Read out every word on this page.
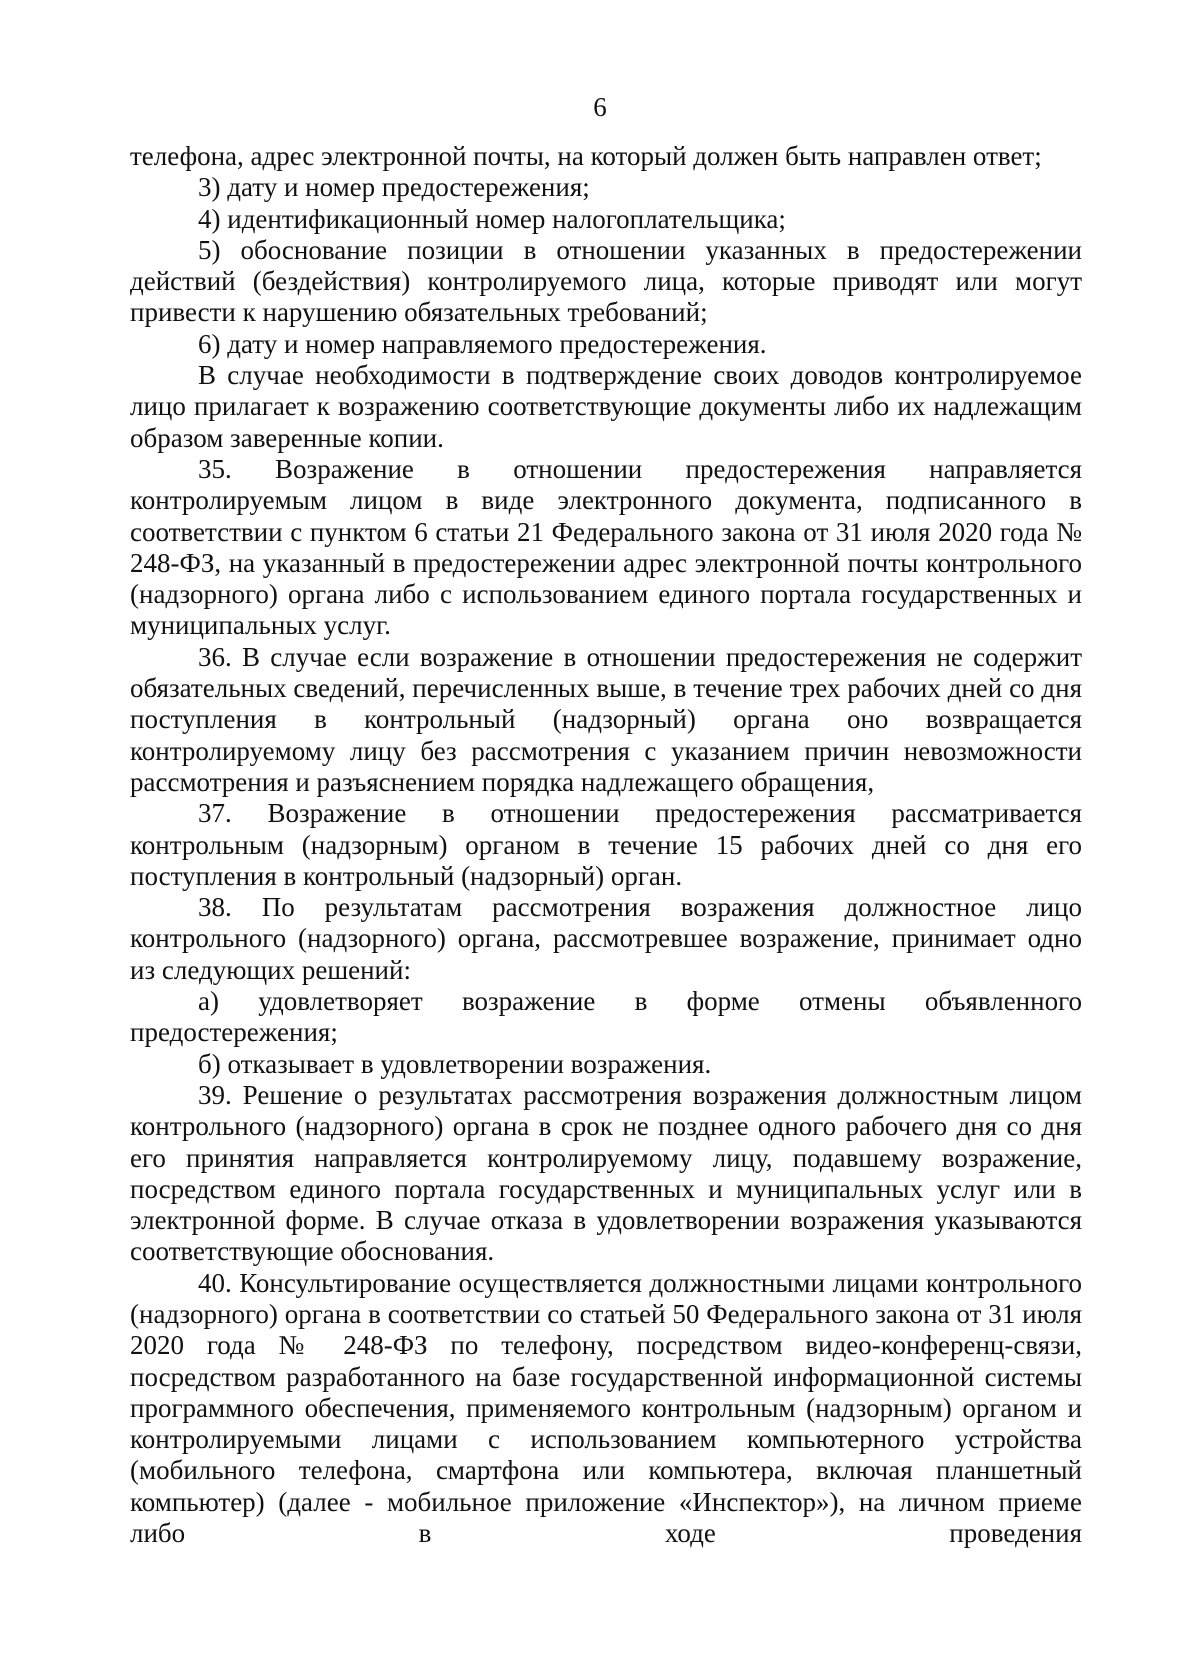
6

телефона, адрес электронной почты, на который должен быть направлен ответ;

3) дату и номер предостережения;

4) идентификационный номер налогоплательщика;

5) обоснование позиции в отношении указанных в предостережении действий (бездействия) контролируемого лица, которые приводят или могут привести к нарушению обязательных требований;

6) дату и номер направляемого предостережения.

В случае необходимости в подтверждение своих доводов контролируемое лицо прилагает к возражению соответствующие документы либо их надлежащим образом заверенные копии.

35. Возражение в отношении предостережения направляется контролируемым лицом в виде электронного документа, подписанного в соответствии с пунктом 6 статьи 21 Федерального закона от 31 июля 2020 года № 248-ФЗ, на указанный в предостережении адрес электронной почты контрольного (надзорного) органа либо с использованием единого портала государственных и муниципальных услуг.

36. В случае если возражение в отношении предостережения не содержит обязательных сведений, перечисленных выше, в течение трех рабочих дней со дня поступления в контрольный (надзорный) органа оно возвращается контролируемому лицу без рассмотрения с указанием причин невозможности рассмотрения и разъяснением порядка надлежащего обращения,

37. Возражение в отношении предостережения рассматривается контрольным (надзорным) органом в течение 15 рабочих дней со дня его поступления в контрольный (надзорный) орган.

38. По результатам рассмотрения возражения должностное лицо контрольного (надзорного) органа, рассмотревшее возражение, принимает одно из следующих решений:

а) удовлетворяет возражение в форме отмены объявленного предостережения;

б) отказывает в удовлетворении возражения.

39. Решение о результатах рассмотрения возражения должностным лицом контрольного (надзорного) органа в срок не позднее одного рабочего дня со дня его принятия направляется контролируемому лицу, подавшему возражение, посредством единого портала государственных и муниципальных услуг или в электронной форме. В случае отказа в удовлетворении возражения указываются соответствующие обоснования.

40. Консультирование осуществляется должностными лицами контрольного (надзорного) органа в соответствии со статьей 50 Федерального закона от 31 июля 2020 года № 248-ФЗ по телефону, посредством видео-конференц-связи, посредством разработанного на базе государственной информационной системы программного обеспечения, применяемого контрольным (надзорным) органом и контролируемыми лицами с использованием компьютерного устройства (мобильного телефона, смартфона или компьютера, включая планшетный компьютер) (далее - мобильное приложение «Инспектор»), на личном приеме либо в ходе проведения
